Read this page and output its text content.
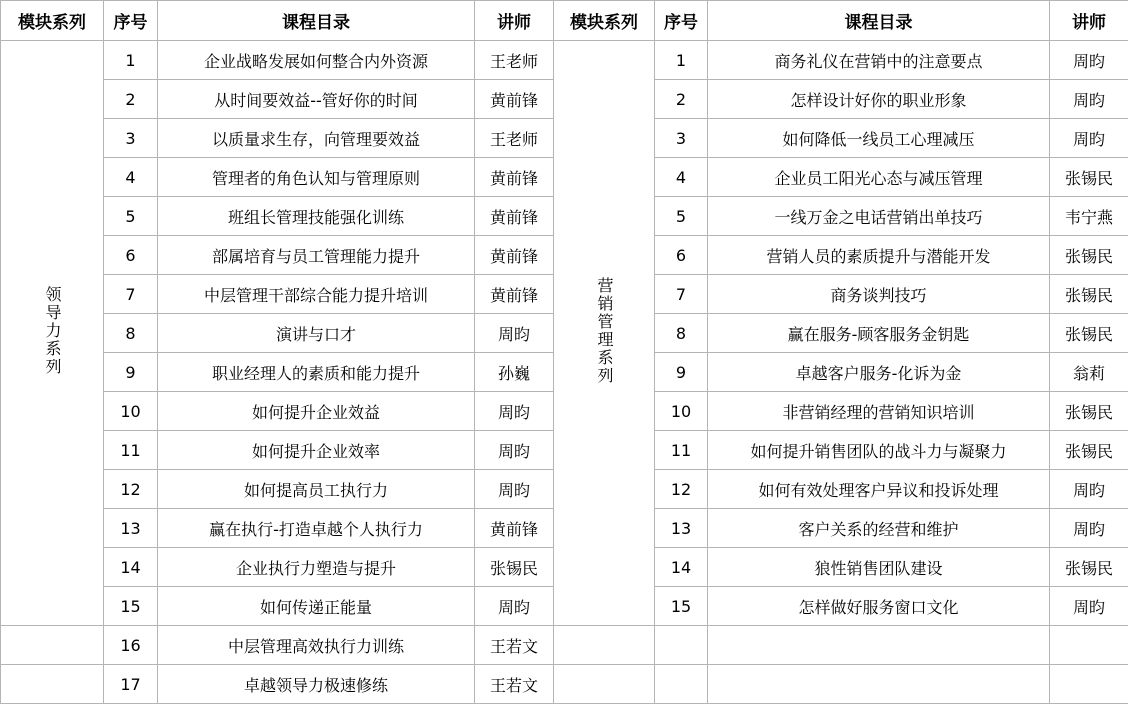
模块系列	序号	课程目录	讲师	模块系列	序号	课程目录	讲师
领导力系列	1	企业战略发展如何整合内外资源	王老师	营销管理系列	1	商务礼仪在营销中的注意要点	周昀
	2	从时间要效益--管好你的时间	黄前锋		2	怎样设计好你的职业形象	周昀
	3	以质量求生存，向管理要效益	王老师		3	如何降低一线员工心理减压	周昀
	4	管理者的角色认知与管理原则	黄前锋		4	企业员工阳光心态与减压管理	张锡民
	5	班组长管理技能强化训练	黄前锋		5	一线万金之电话营销出单技巧	韦宁燕
	6	部属培育与员工管理能力提升	黄前锋		6	营销人员的素质提升与潜能开发	张锡民
	7	中层管理干部综合能力提升培训	黄前锋		7	商务谈判技巧	张锡民
	8	演讲与口才	周昀		8	赢在服务-顾客服务金钥匙	张锡民
	9	职业经理人的素质和能力提升	孙巍		9	卓越客户服务-化诉为金	翁莉
	10	如何提升企业效益	周昀		10	非营销经理的营销知识培训	张锡民
	11	如何提升企业效率	周昀		11	如何提升销售团队的战斗力与凝聚力	张锡民
	12	如何提高员工执行力	周昀		12	如何有效处理客户异议和投诉处理	周昀
	13	赢在执行-打造卓越个人执行力	黄前锋		13	客户关系的经营和维护	周昀
	14	企业执行力塑造与提升	张锡民		14	狼性销售团队建设	张锡民
	15	如何传递正能量	周昀		15	怎样做好服务窗口文化	周昀
	16	中层管理高效执行力训练	王若文				
	17	卓越领导力极速修练	王若文				
